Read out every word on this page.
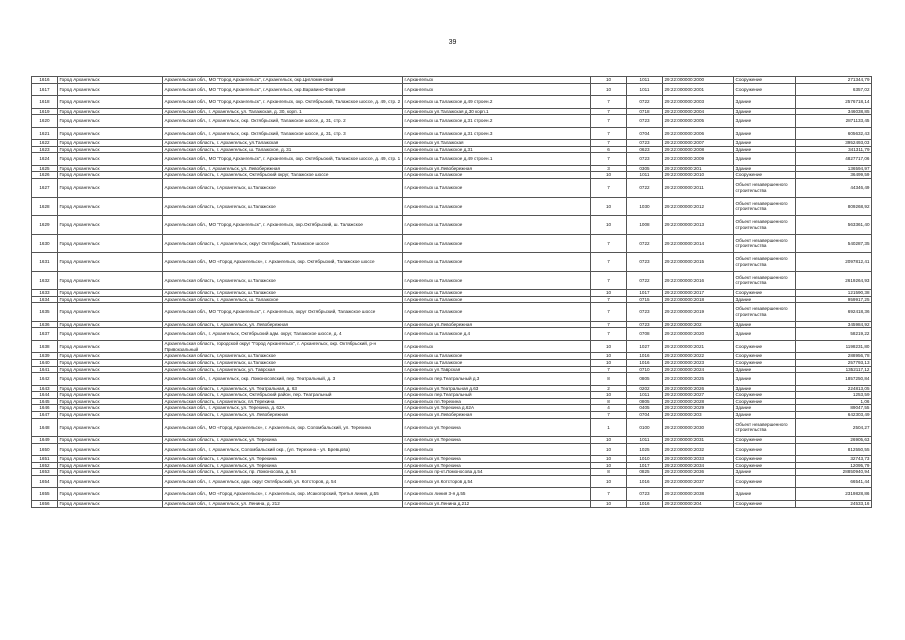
39
1616	Город Архангельск	Архангельская обл., МО "Город Архангельск", г.Архангельск, окр.Цигломенский	г.Архангельск	10	1011	29:22:000000:2000	Сооружение	271344,79
1617	Город Архангельск	Архангельская обл., МО "Город Архангельск", г.Архангельск, окр.Варавино-Фактория	г.Архангельск	10	1011	29:22:000000:2001	Сооружение	6357,02
1618	Город Архангельск	Архангельская обл., МО "Город Архангельск", г. Архангельск, окр. Октябрьский, Талажское шоссе, д. 49, стр. 2	г.Архангельск ш.Талажское д.49 строен.2	7	0722	29:22:000000:2003	Здание	2576718,14
1619	Город Архангельск	Архангельская обл., г. Архангельск, ул. Талажская, д. 30, корп. 1	г.Архангельск ул.Талажская д.30 корп.1	7	0718	29:22:000000:2004	Здание	346038,85
1620	Город Архангельск	Архангельская обл., г. Архангельск, окр. Октябрьский, Талажское шоссе, д. 31, стр. 2	г.Архангельск ш.Талажское д.31 строен.2	7	0723	29:22:000000:2005	Здание	2871133,45
1621	Город Архангельск	Архангельская обл., г. Архангельск, окр. Октябрьский, Талажское шоссе, д. 31, стр. 3	г.Архангельск ш.Талажское д.31 строен.3	7	0704	29:22:000000:2006	Здание	605632,43
1622	Город Архангельск	Архангельская область, г. Архангельск, ул.Талажская	г.Архангельск ул.Талажская	7	0723	29:22:000000:2007	Здание	3952493,03
1623	Город Архангельск	Архангельская область, г. Архангельск, ш. Талажское, д. 31	г.Архангельск ш.Талажское д.31	6	0623	29:22:000000:2008	Здание	341311,79
1624	Город Архангельск	Архангельская обл., МО "Город Архангельск", г. Архангельск, окр. Октябрьский, Талажское шоссе, д. 49, стр. 1	г.Архангельск ш.Талажское д.49 строен.1	7	0723	29:22:000000:2009	Здание	4827717,06
1625	Город Архангельск	Архангельская обл., г. Архангельск, ул. Левобережная	г.Архангельск ул.Левобережная	3	0305	29:22:000000:201	Здание	136594,97
1626	Город Архангельск	Архангельская область, г. Архангельск, Октябрьский округ, Талажское шоссе	г.Архангельск ш.Талажское	10	1011	29:22:000000:2010	Сооружение	36499,59
1627	Город Архангельск	Архангельская область, г.Архангельск, ш.Талажское	г.Архангельск ш.Талажское	7	0722	29:22:000000:2011	Объект незавершенного строительства	44346,49
1628	Город Архангельск	Архангельская область, г.Архангельск, ш.Талажское	г.Архангельск ш.Талажское	10	1030	29:22:000000:2012	Объект незавершенного строительства	809268,92
1629	Город Архангельск	Архангельская обл., МО "Город Архангельск", г. Архангельск, окр.Октябрьский, ш. Талажское	г.Архангельск ш.Талажское	10	1008	29:22:000000:2013	Объект незавершенного строительства	563361,40
1630	Город Архангельск	Архангельская область, г. Архангельск, округ Октябрьский, Талажское шоссе	г.Архангельск ш.Талажское	7	0722	29:22:000000:2014	Объект незавершенного строительства	540287,35
1631	Город Архангельск	Архангельская обл., МО «Город Архангельск», г. Архангельск, окр. Октябрьский, Талажское шоссе	г.Архангельск ш.Талажское	7	0723	29:22:000000:2015	Объект незавершенного строительства	2097812,41
1632	Город Архангельск	Архангельская область, г.Архангельск, ш.Талажское	г.Архангельск ш.Талажское	7	0722	29:22:000000:2016	Объект незавершенного строительства	2619264,93
1633	Город Архангельск	Архангельская область, г.Архангельск, ш.Талажское	г.Архангельск ш.Талажское	10	1017	29:22:000000:2017	Сооружение	121590,38
1634	Город Архангельск	Архангельская область, г. Архангельск, ш. Талажское	г.Архангельск ш.Талажское	7	0715	29:22:000000:2018	Здание	959917,25
1635	Город Архангельск	Архангельская обл., МО "Город Архангельск", г. Архангельск, округ Октябрьский, Талажское шоссе	г.Архангельск ш.Талажское	7	0723	29:22:000000:2019	Объект незавершенного строительства	692418,36
1636	Город Архангельск	Архангельская область, г. Архангельск, ул. Левобережная	г.Архангельск ул.Левобережная	7	0723	29:22:000000:202	Здание	345984,92
1637	Город Архангельск	Архангельская обл., г. Архангельск, Октябрьский адм. округ, Талажское шоссе, д. 4	г.Архангельск ш.Талажское д.4	7	0708	29:22:000000:2020	Здание	58219,22
1638	Город Архангельск	Архангельская область, городской округ "Город Архангельск", г. Архангельск, окр. Октябрьский, р-н Привокзальный	г.Архангельск	10	1027	29:22:000000:2021	Сооружение	1198231,80
1639	Город Архангельск	Архангельская область, г.Архангельск, ш.Талажское	г.Архангельск ш.Талажское	10	1016	29:22:000000:2022	Сооружение	288956,78
1640	Город Архангельск	Архангельская область, г.Архангельск, ш.Талажское	г.Архангельск ш.Талажское	10	1016	29:22:000000:2023	Сооружение	257793,13
1641	Город Архангельск	Архангельская область, г.Архангельск, ул. Таврская	г.Архангельск ул.Таврская	7	0710	29:22:000000:2024	Здание	1352117,12
1642	Город Архангельск	Архангельская обл., г. Архангельск, окр. Ломоносовский, пер. Театральный, д. 3	г.Архангельск пер.Театральный д.3	8	0805	29:22:000000:2025	Здание	1857250,84
1643	Город Архангельск	Архангельская область, г. Архангельск, ул. Театральная, д. 63	г.Архангельск ул.Театральная д.63	2	0202	29:22:000000:2026	Здание	224813,05
1644	Город Архангельск	Архангельская область, г. Архангельск, Октябрьский район, пер. Театральный	г.Архангельск пер.Театральный	10	1011	29:22:000000:2027	Сооружение	1253,59
1645	Город Архангельск	Архангельская область, г.Архангельск, пл.Терехина	г.Архангельск пл.Терехина	8	0805	29:22:000000:2028	Сооружение	1,06
1646	Город Архангельск	Архангельская обл., г. Архангельск, ул. Терехина, д. 62А	г.Архангельск ул.Терехина д.62А	4	0405	29:22:000000:2029	Здание	89047,55
1647	Город Архангельск	Архангельская область, г. Архангельск, ул. Левобережная	г.Архангельск ул.Левобережная	7	0704	29:22:000000:203	Здание	642303,49
1648	Город Архангельск	Архангельская обл., МО «Город Архангельск», г. Архангельск, окр. Соломбальский, ул. Терехина	г.Архангельск ул.Терехина	1	0100	29:22:000000:2030	Объект незавершенного строительства	2504,27
1649	Город Архангельск	Архангельская область, г. Архангельск, ул. Терехина	г.Архангельск ул.Терехина	10	1011	29:22:000000:2031	Сооружение	26905,63
1650	Город Архангельск	Архангельская обл., г. Архангельск, Соломбальский окр., (ул. Терехина - ул. Бревцова)	г.Архангельск	10	1025	29:22:000000:2032	Сооружение	812550,55
1651	Город Архангельск	Архангельская область, г. Архангельск, ул. Терехина	г.Архангельск ул.Терехина	10	1010	29:22:000000:2033	Сооружение	32743,73
1652	Город Архангельск	Архангельская область, г. Архангельск, ул. Терехина	г.Архангельск ул.Терехина	10	1017	29:22:000000:2034	Сооружение	12095,79
1653	Город Архангельск	Архангельская область, г. Архангельск, пр. Ломоносова, д. 54	г.Архангельск пр-кт.Ломоносова д.54	8	0825	29:22:000000:2036	Здание	28850940,94
1654	Город Архангельск	Архангельская обл., г. Архангельск, адм. округ Октябрьский, ул. Котсторов, д. 54	г.Архангельск ул.Котсторов д.54	10	1016	29:22:000000:2037	Сооружение	66541,44
1655	Город Архангельск	Архангельская обл., МО «Город Архангельск», г. Архангельск, окр. Исакогорский, Третья линия, д.55	г.Архангельск линия 3-я д.55	7	0723	29:22:000000:2038	Здание	2319828,86
1656	Город Архангельск	Архангельская обл., г. Архангельск, ул. Ленина, д. 212	г.Архангельск ул.Ленина д.212	10	1016	29:22:000000:204	Сооружение	24533,16
